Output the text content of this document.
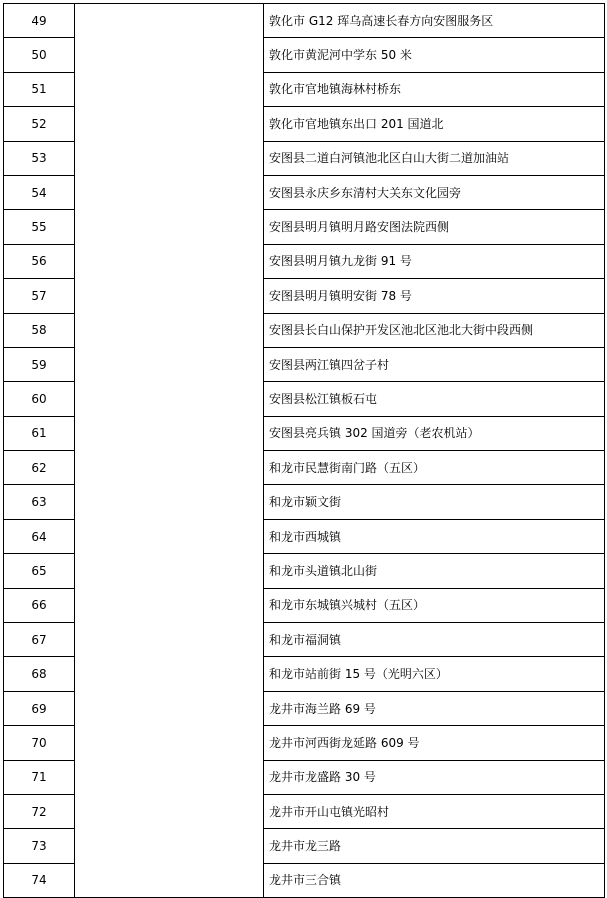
49		敦化市 G12 珲乌高速长春方向安图服务区
50		敦化市黄泥河中学东 50 米
51		敦化市官地镇海林村桥东
52		敦化市官地镇东出口 201 国道北
53		安图县二道白河镇池北区白山大街二道加油站
54		安图县永庆乡东清村大关东文化园旁
55		安图县明月镇明月路安图法院西侧
56		安图县明月镇九龙街 91 号
57		安图县明月镇明安街 78 号
58		安图县长白山保护开发区池北区池北大街中段西侧
59		安图县两江镇四岔子村
60		安图县松江镇板石屯
61		安图县亮兵镇 302 国道旁（老农机站）
62		和龙市民慧街南门路（五区）
63		和龙市颖文街
64		和龙市西城镇
65		和龙市头道镇北山街
66		和龙市东城镇兴城村（五区）
67		和龙市福洞镇
68		和龙市站前街 15 号（光明六区）
69		龙井市海兰路 69 号
70		龙井市河西街龙延路 609 号
71		龙井市龙盛路 30 号
72		龙井市开山屯镇光昭村
73		龙井市龙三路
74		龙井市三合镇
